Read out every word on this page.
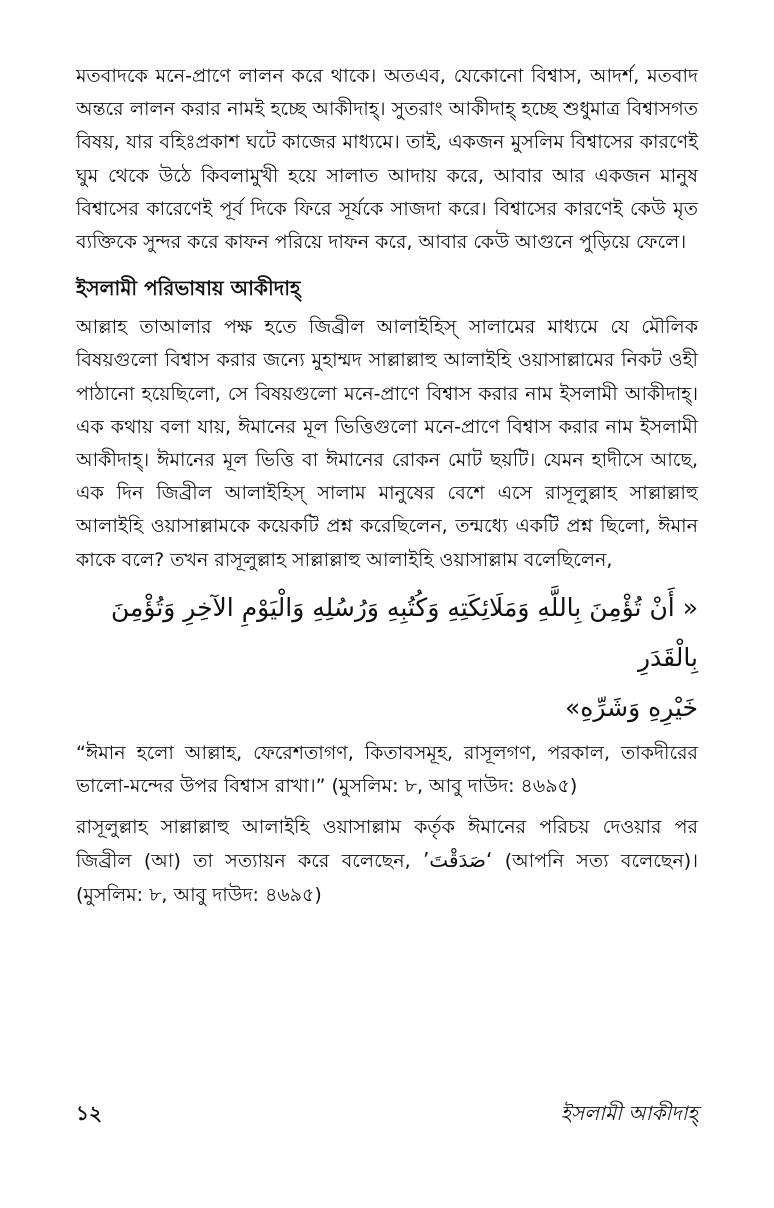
মতবাদকে মনে-প্রাণে লালন করে থাকে। অতএব, যেকোনো বিশ্বাস, আদর্শ, মতবাদ অন্তরে লালন করার নামই হচ্ছে আকীদাহ্। সুতরাং আকীদাহ্ হচ্ছে শুধুমাত্র বিশ্বাসগত বিষয়, যার বহিঃপ্রকাশ ঘটে কাজের মাধ্যমে। তাই, একজন মুসলিম বিশ্বাসের কারণেই ঘুম থেকে উঠে কিবলামুখী হয়ে সালাত আদায় করে, আবার আর একজন মানুষ বিশ্বাসের কারেণেই পূর্ব দিকে ফিরে সূর্যকে সাজদা করে। বিশ্বাসের কারণেই কেউ মৃত ব্যক্তিকে সুন্দর করে কাফন পরিয়ে দাফন করে, আবার কেউ আগুনে পুড়িয়ে ফেলে।

ইসলামী পরিভাষায় আকীদাহ্

আল্লাহ তাআলার পক্ষ হতে জিব্রীল আলাইহিস্ সালামের মাধ্যমে যে মৌলিক বিষয়গুলো বিশ্বাস করার জন্যে মুহাম্মদ সাল্লাল্লাহু আলাইহি ওয়াসাল্লামের নিকট ওহী পাঠানো হয়েছিলো, সে বিষয়গুলো মনে-প্রাণে বিশ্বাস করার নাম ইসলামী আকীদাহ্। এক কথায় বলা যায়, ঈমানের মূল ভিত্তিগুলো মনে-প্রাণে বিশ্বাস করার নাম ইসলামী আকীদাহ্। ঈমানের মূল ভিত্তি বা ঈমানের রোকন মোট ছয়টি। যেমন হাদীসে আছে, এক দিন জিব্রীল আলাইহিস্ সালাম মানুষের বেশে এসে রাসূলুল্লাহ সাল্লাল্লাহু আলাইহি ওয়াসাল্লামকে কয়েকটি প্রশ্ন করেছিলেন, তন্মধ্যে একটি প্রশ্ন ছিলো, ঈমান কাকে বলে? তখন রাসূলুল্লাহ সাল্লাল্লাহু আলাইহি ওয়াসাল্লাম বলেছিলেন,

« أَنْ تُؤْمِنَ بِاللَّهِ وَمَلَائِكَتِهِ وَكُتُبِهِ وَرُسُلِهِ وَالْيَوْمِ الآخِرِ وَتُؤْمِنَ بِالْقَدَرِ
خَيْرِهِ وَشَرِّهِ»

“ঈমান হলো আল্লাহ, ফেরেশতাগণ, কিতাবসমূহ, রাসূলগণ, পরকাল, তাকদীরের ভালো-মন্দের উপর বিশ্বাস রাখা।” (মুসলিম: ৮, আবু দাউদ: ৪৬৯৫)

রাসূলুল্লাহ সাল্লাল্লাহু আলাইহি ওয়াসাল্লাম কর্তৃক ঈমানের পরিচয় দেওয়ার পর জিব্রীল (আ) তা সত্যায়ন করে বলেছেন, ‘صَدَقْتَ’ (আপনি সত্য বলেছেন)। (মুসলিম: ৮, আবু দাউদ: ৪৬৯৫)

১২	ইসলামী আকীদাহ্
